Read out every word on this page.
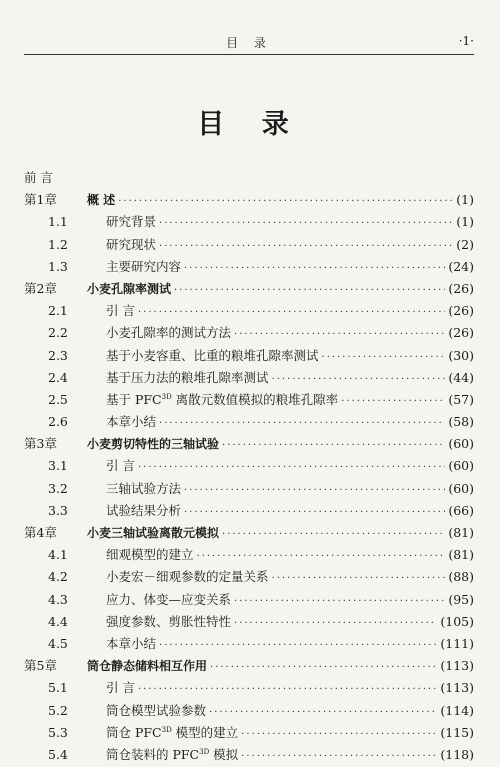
目 录	·1·
目 录
前 言
第1章	概 述 ·····	(1)
1.1	研究背景 ·····	(1)
1.2	研究现状 ·····	(2)
1.3	主要研究内容 ·····	(24)
第2章	小麦孔隙率测试 ·····	(26)
2.1	引 言 ·····	(26)
2.2	小麦孔隙率的测试方法 ·····	(26)
2.3	基于小麦容重、比重的粮堆孔隙率测试 ·····	(30)
2.4	基于压力法的粮堆孔隙率测试 ·····	(44)
2.5	基于 $PFC^{3D}$ 离散元数值模拟的粮堆孔隙率 ·····	(57)
2.6	本章小结 ·····	(58)
第3章	小麦剪切特性的三轴试验 ·····	(60)
3.1	引 言 ·····	(60)
3.2	三轴试验方法 ·····	(60)
3.3	试验结果分析 ·····	(66)
第4章	小麦三轴试验离散元模拟 ·····	(81)
4.1	细观模型的建立 ·····	(81)
4.2	小麦宏－细观参数的定量关系 ·····	(88)
4.3	应力、体变—应变关系 ·····	(95)
4.4	强度参数、剪胀性特性 ·····	(105)
4.5	本章小结 ·····	(111)
第5章	筒仓静态储料相互作用 ·····	(113)
5.1	引 言 ·····	(113)
5.2	筒仓模型试验参数 ·····	(114)
5.3	筒仓 $PFC^{3D}$ 模型的建立 ·····	(115)
5.4	筒仓装料的 $PFC^{3D}$ 模拟 ·····	(118)
